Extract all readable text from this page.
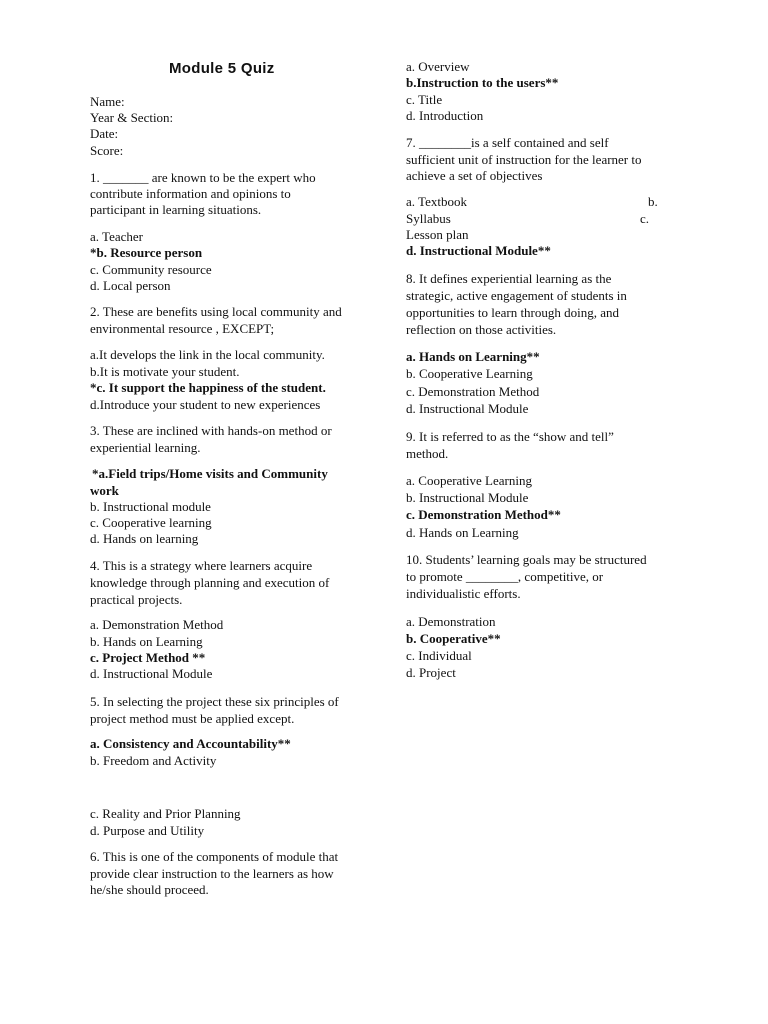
Module 5 Quiz
Name:
Year & Section:
Date:
Score:
1. _______ are known to be the expert who
contribute information and opinions to
participant in learning situations.
a. Teacher
*b. Resource person
c. Community resource
d. Local person
2. These are benefits using local community and
environmental resource , EXCEPT;
a.It develops the link in the local community.
b.It is motivate your student.
*c. It support the happiness of the student.
d.Introduce your student to new experiences
3. These are inclined with hands-on method or
experiential learning.
*a.Field trips/Home visits and Community
work
b. Instructional module
c. Cooperative learning
d. Hands on learning
4. This is a strategy where learners acquire
knowledge through planning and execution of
practical projects.
a. Demonstration Method
b. Hands on Learning
c. Project Method **
d. Instructional Module
5. In selecting the project these six principles of
project method must be applied except.
a. Consistency and Accountability**
b. Freedom and Activity
c. Reality and Prior Planning
d. Purpose and Utility
6. This is one of the components of module that
provide clear instruction to the learners as how
he/she should proceed.
a. Overview
b.Instruction to the users**
c. Title
d. Introduction
7. ________is a self contained and self
sufficient unit of instruction for the learner to
achieve a set of objectives
a. Textbook	b.
Syllabus	c.
Lesson plan
d. Instructional Module**
8. It defines experiential learning as the
strategic, active engagement of students in
opportunities to learn through doing, and
reflection on those activities.
a. Hands on Learning**
b. Cooperative Learning
c. Demonstration Method
d. Instructional Module
9. It is referred to as the “show and tell”
method.
a. Cooperative Learning
b. Instructional Module
c. Demonstration Method**
d. Hands on Learning
10. Students’ learning goals may be structured
to promote ________, competitive, or
individualistic efforts.
a. Demonstration
b. Cooperative**
c. Individual
d. Project
